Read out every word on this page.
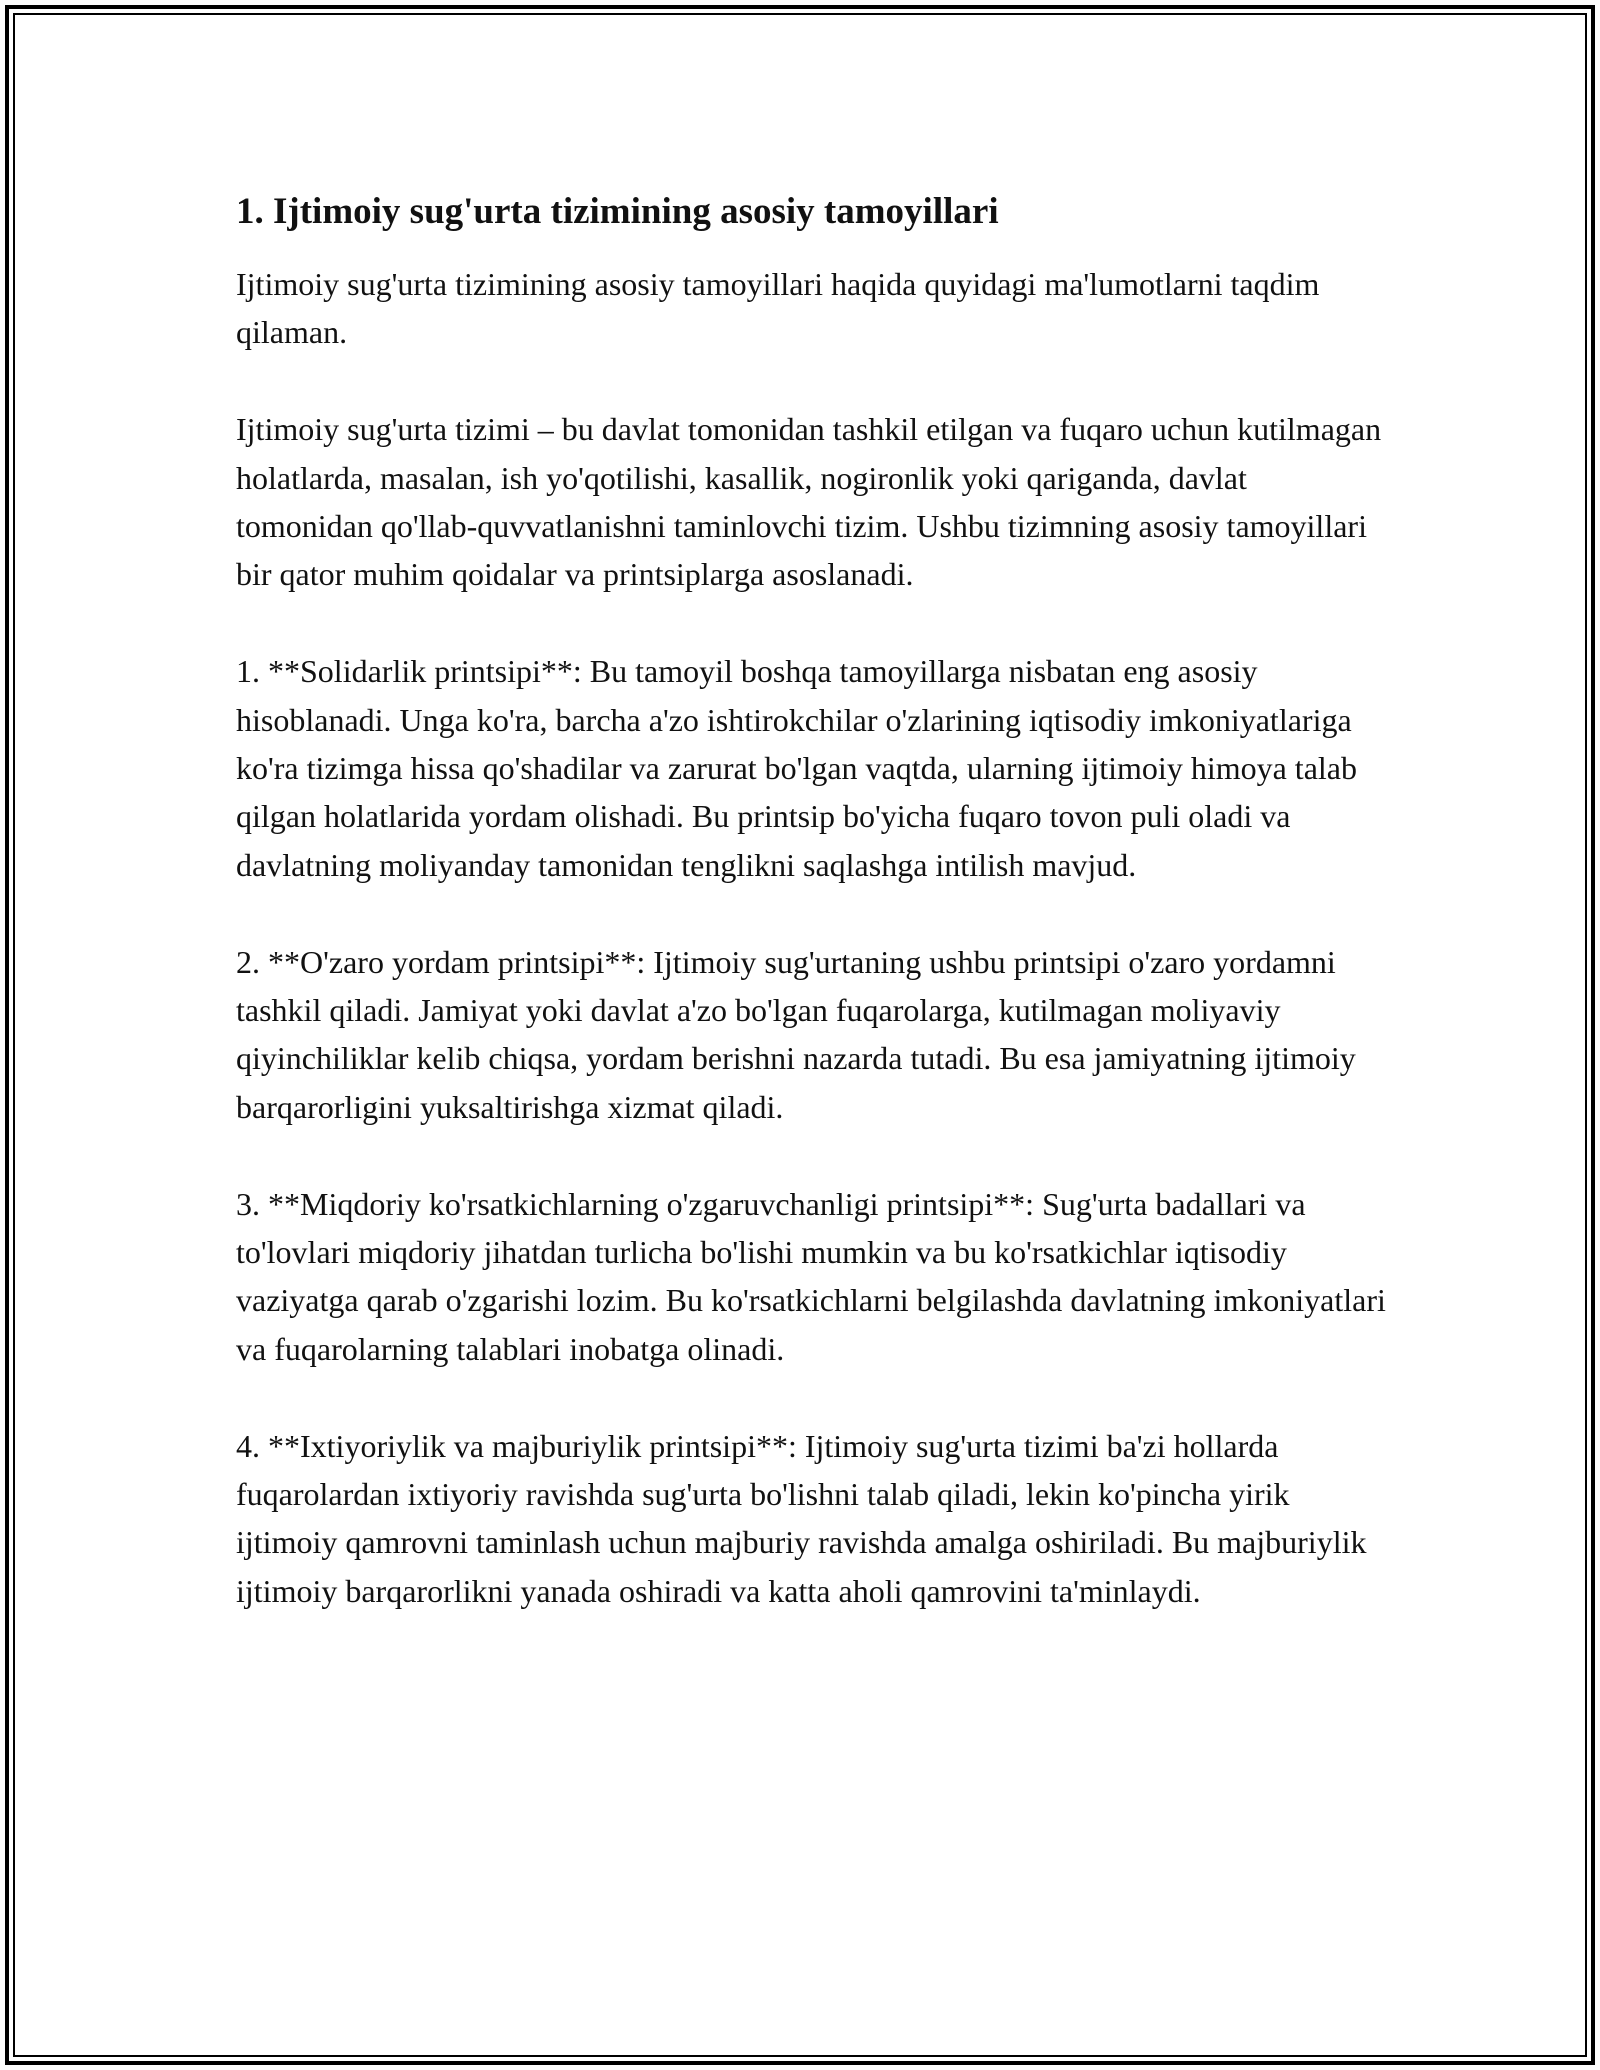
1. Ijtimoiy sug'urta tizimining asosiy tamoyillari

Ijtimoiy sug'urta tizimining asosiy tamoyillari haqida quyidagi ma'lumotlarni taqdim qilaman.

Ijtimoiy sug'urta tizimi – bu davlat tomonidan tashkil etilgan va fuqaro uchun kutilmagan holatlarda, masalan, ish yo'qotilishi, kasallik, nogironlik yoki qariganda, davlat tomonidan qo'llab-quvvatlanishni taminlovchi tizim. Ushbu tizimning asosiy tamoyillari bir qator muhim qoidalar va printsiplarga asoslanadi.

1. **Solidarlik printsipi**: Bu tamoyil boshqa tamoyillarga nisbatan eng asosiy hisoblanadi. Unga ko'ra, barcha a'zo ishtirokchilar o'zlarining iqtisodiy imkoniyatlariga ko'ra tizimga hissa qo'shadilar va zarurat bo'lgan vaqtda, ularning ijtimoiy himoya talab qilgan holatlarida yordam olishadi. Bu printsip bo'yicha fuqaro tovon puli oladi va davlatning moliyanday tamonidan tenglikni saqlashga intilish mavjud.

2. **O'zaro yordam printsipi**: Ijtimoiy sug'urtaning ushbu printsipi o'zaro yordamni tashkil qiladi. Jamiyat yoki davlat a'zo bo'lgan fuqarolarga, kutilmagan moliyaviy qiyinchiliklar kelib chiqsa, yordam berishni nazarda tutadi. Bu esa jamiyatning ijtimoiy barqarorligini yuksaltirishga xizmat qiladi.

3. **Miqdoriy ko'rsatkichlarning o'zgaruvchanligi printsipi**: Sug'urta badallari va to'lovlari miqdoriy jihatdan turlicha bo'lishi mumkin va bu ko'rsatkichlar iqtisodiy vaziyatga qarab o'zgarishi lozim. Bu ko'rsatkichlarni belgilashda davlatning imkoniyatlari va fuqarolarning talablari inobatga olinadi.

4. **Ixtiyoriylik va majburiylik printsipi**: Ijtimoiy sug'urta tizimi ba'zi hollarda fuqarolardan ixtiyoriy ravishda sug'urta bo'lishni talab qiladi, lekin ko'pincha yirik ijtimoiy qamrovni taminlash uchun majburiy ravishda amalga oshiriladi. Bu majburiylik ijtimoiy barqarorlikni yanada oshiradi va katta aholi qamrovini ta'minlaydi.
